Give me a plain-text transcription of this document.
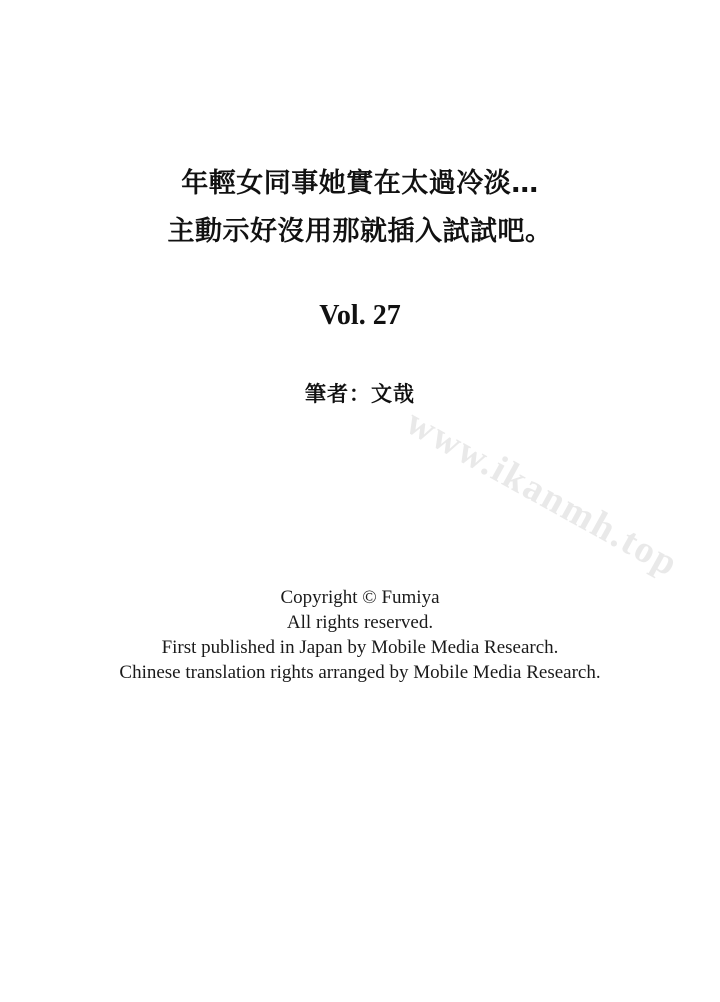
年輕女同事她實在太過冷淡…
主動示好沒用那就插入試試吧。
Vol. 27
筆者：文哉
www.ikanmh.top
Copyright © Fumiya
All rights reserved.
First published in Japan by Mobile Media Research.
Chinese translation rights arranged by Mobile Media Research.
